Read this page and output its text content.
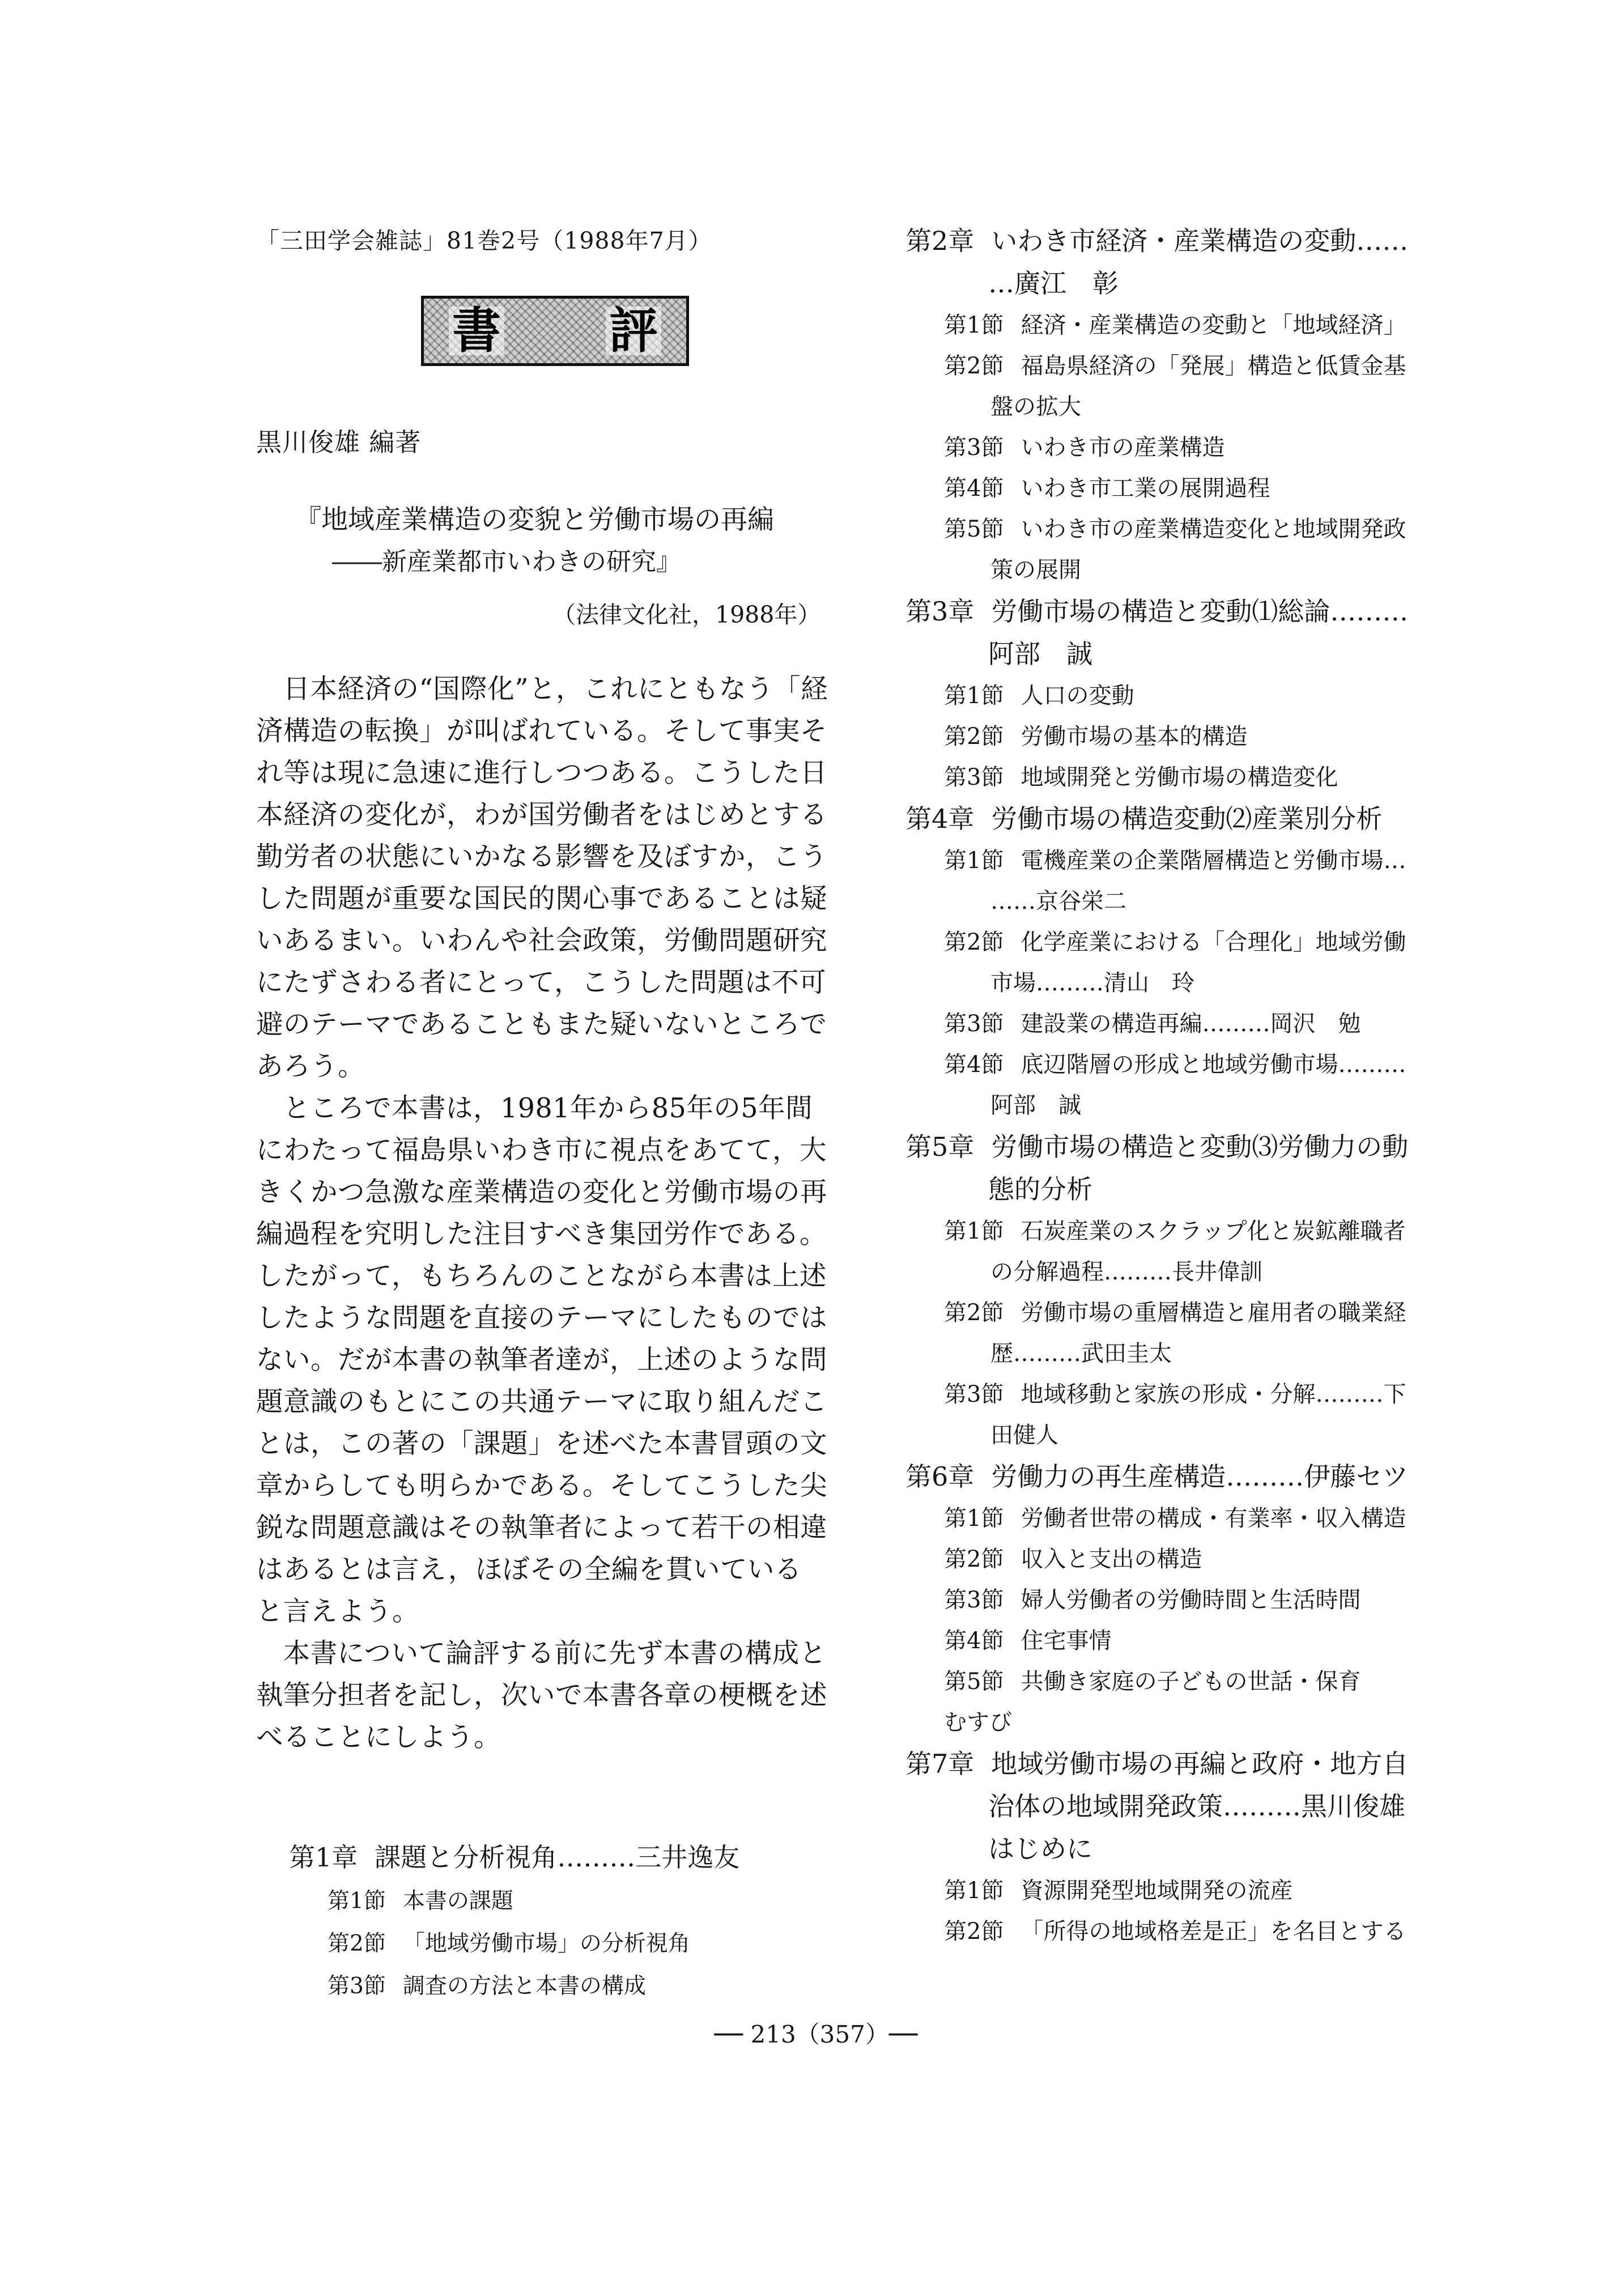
「三田学会雑誌」81巻2号（1988年7月）
書 評
黒川俊雄 編著
『地域産業構造の変貌と労働市場の再編
――新産業都市いわきの研究』
（法律文化社，1988年）

日本経済の“国際化”と，これにともなう「経済構造の転換」が叫ばれている。そして事実それ等は現に急速に進行しつつある。こうした日本経済の変化が，わが国労働者をはじめとする勤労者の状態にいかなる影響を及ぼすか，こうした問題が重要な国民的関心事であることは疑いあるまい。いわんや社会政策，労働問題研究にたずさわる者にとって，こうした問題は不可避のテーマであることもまた疑いないところであろう。

ところで本書は，1981年から85年の5年間にわたって福島県いわき市に視点をあてて，大きくかつ急激な産業構造の変化と労働市場の再編過程を究明した注目すべき集団労作である。したがって，もちろんのことながら本書は上述したような問題を直接のテーマにしたものではない。だが本書の執筆者達が，上述のような問題意識のもとにこの共通テーマに取り組んだことは，この著の「課題」を述べた本書冒頭の文章からしても明らかである。そしてこうした尖鋭な問題意識はその執筆者によって若干の相違はあるとは言え，ほぼその全編を貫いていると言えよう。

本書について論評する前に先ず本書の構成と執筆分担者を記し，次いで本書各章の梗概を述べることにしよう。

第1章 課題と分析視角………三井逸友
第1節 本書の課題
第2節 「地域労働市場」の分析視角
第3節 調査の方法と本書の構成
第2章 いわき市経済・産業構造の変動……
…廣江　彰
第1節 経済・産業構造の変動と「地域経済」
第2節 福島県経済の「発展」構造と低賃金基
盤の拡大
第3節 いわき市の産業構造
第4節 いわき市工業の展開過程
第5節 いわき市の産業構造変化と地域開発政
策の展開
第3章 労働市場の構造と変動⑴総論………
阿部　誠
第1節 人口の変動
第2節 労働市場の基本的構造
第3節 地域開発と労働市場の構造変化
第4章 労働市場の構造変動⑵産業別分析
第1節 電機産業の企業階層構造と労働市場…
……京谷栄二
第2節 化学産業における「合理化」地域労働
市場………清山　玲
第3節 建設業の構造再編………岡沢　勉
第4節 底辺階層の形成と地域労働市場………
阿部　誠
第5章 労働市場の構造と変動⑶労働力の動
態的分析
第1節 石炭産業のスクラップ化と炭鉱離職者
の分解過程………長井偉訓
第2節 労働市場の重層構造と雇用者の職業経
歴………武田圭太
第3節 地域移動と家族の形成・分解………下
田健人
第6章 労働力の再生産構造………伊藤セツ
第1節 労働者世帯の構成・有業率・収入構造
第2節 収入と支出の構造
第3節 婦人労働者の労働時間と生活時間
第4節 住宅事情
第5節 共働き家庭の子どもの世話・保育
むすび
第7章 地域労働市場の再編と政府・地方自
治体の地域開発政策………黒川俊雄
はじめに
第1節 資源開発型地域開発の流産
第2節 「所得の地域格差是正」を名目とする
── 213（357）──
